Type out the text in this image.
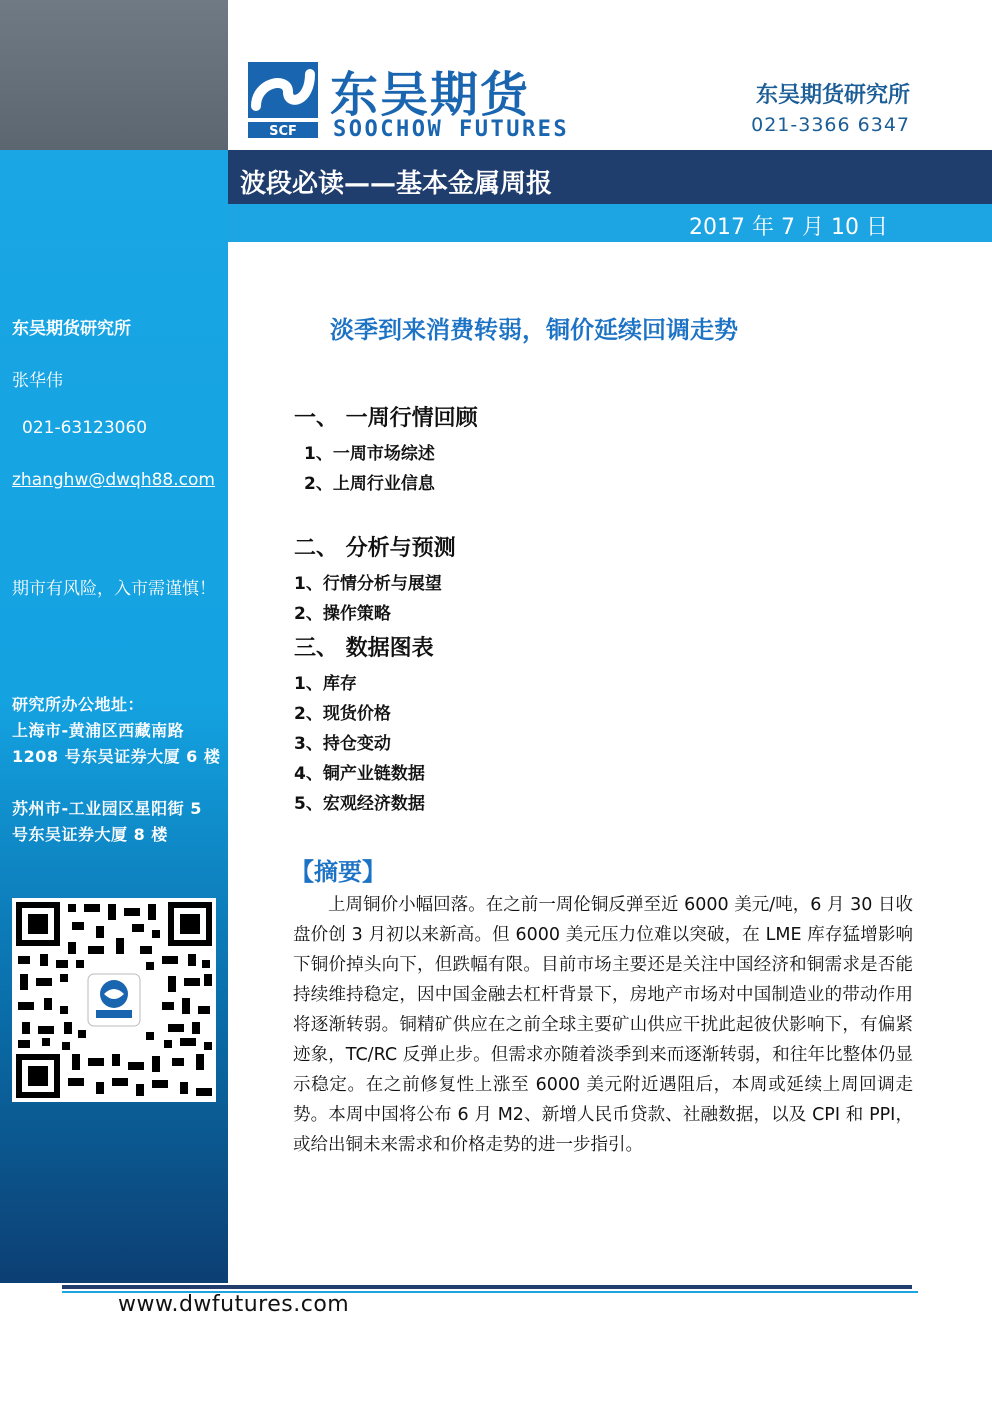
东吴期货研究所
张华伟
021-63123060
zhanghw@dwqh88.com
期市有风险，入市需谨慎！
研究所办公地址：
上海市-黄浦区西藏南路
1208 号东吴证券大厦 6 楼
苏州市-工业园区星阳街 5
号东吴证券大厦 8 楼
SCF
东吴期货
SOOCHOW FUTURES
东吴期货研究所
021-3366 6347
波段必读——基本金属周报
2017 年 7 月 10 日
淡季到来消费转弱，铜价延续回调走势
一、 一周行情回顾
1、一周市场综述
2、上周行业信息
二、 分析与预测
1、行情分析与展望
2、操作策略
三、 数据图表
1、库存
2、现货价格
3、持仓变动
4、铜产业链数据
5、宏观经济数据
【摘要】
上周铜价小幅回落。在之前一周伦铜反弹至近 6000 美元/吨，6 月 30 日收盘价创 3 月初以来新高。但 6000 美元压力位难以突破，在 LME 库存猛增影响下铜价掉头向下，但跌幅有限。目前市场主要还是关注中国经济和铜需求是否能持续维持稳定，因中国金融去杠杆背景下，房地产市场对中国制造业的带动作用将逐渐转弱。铜精矿供应在之前全球主要矿山供应干扰此起彼伏影响下，有偏紧迹象，TC/RC 反弹止步。但需求亦随着淡季到来而逐渐转弱，和往年比整体仍显示稳定。在之前修复性上涨至 6000 美元附近遇阻后，本周或延续上周回调走势。本周中国将公布 6 月 M2、新增人民币贷款、社融数据，以及 CPI 和 PPI，或给出铜未来需求和价格走势的进一步指引。
www.dwfutures.com
